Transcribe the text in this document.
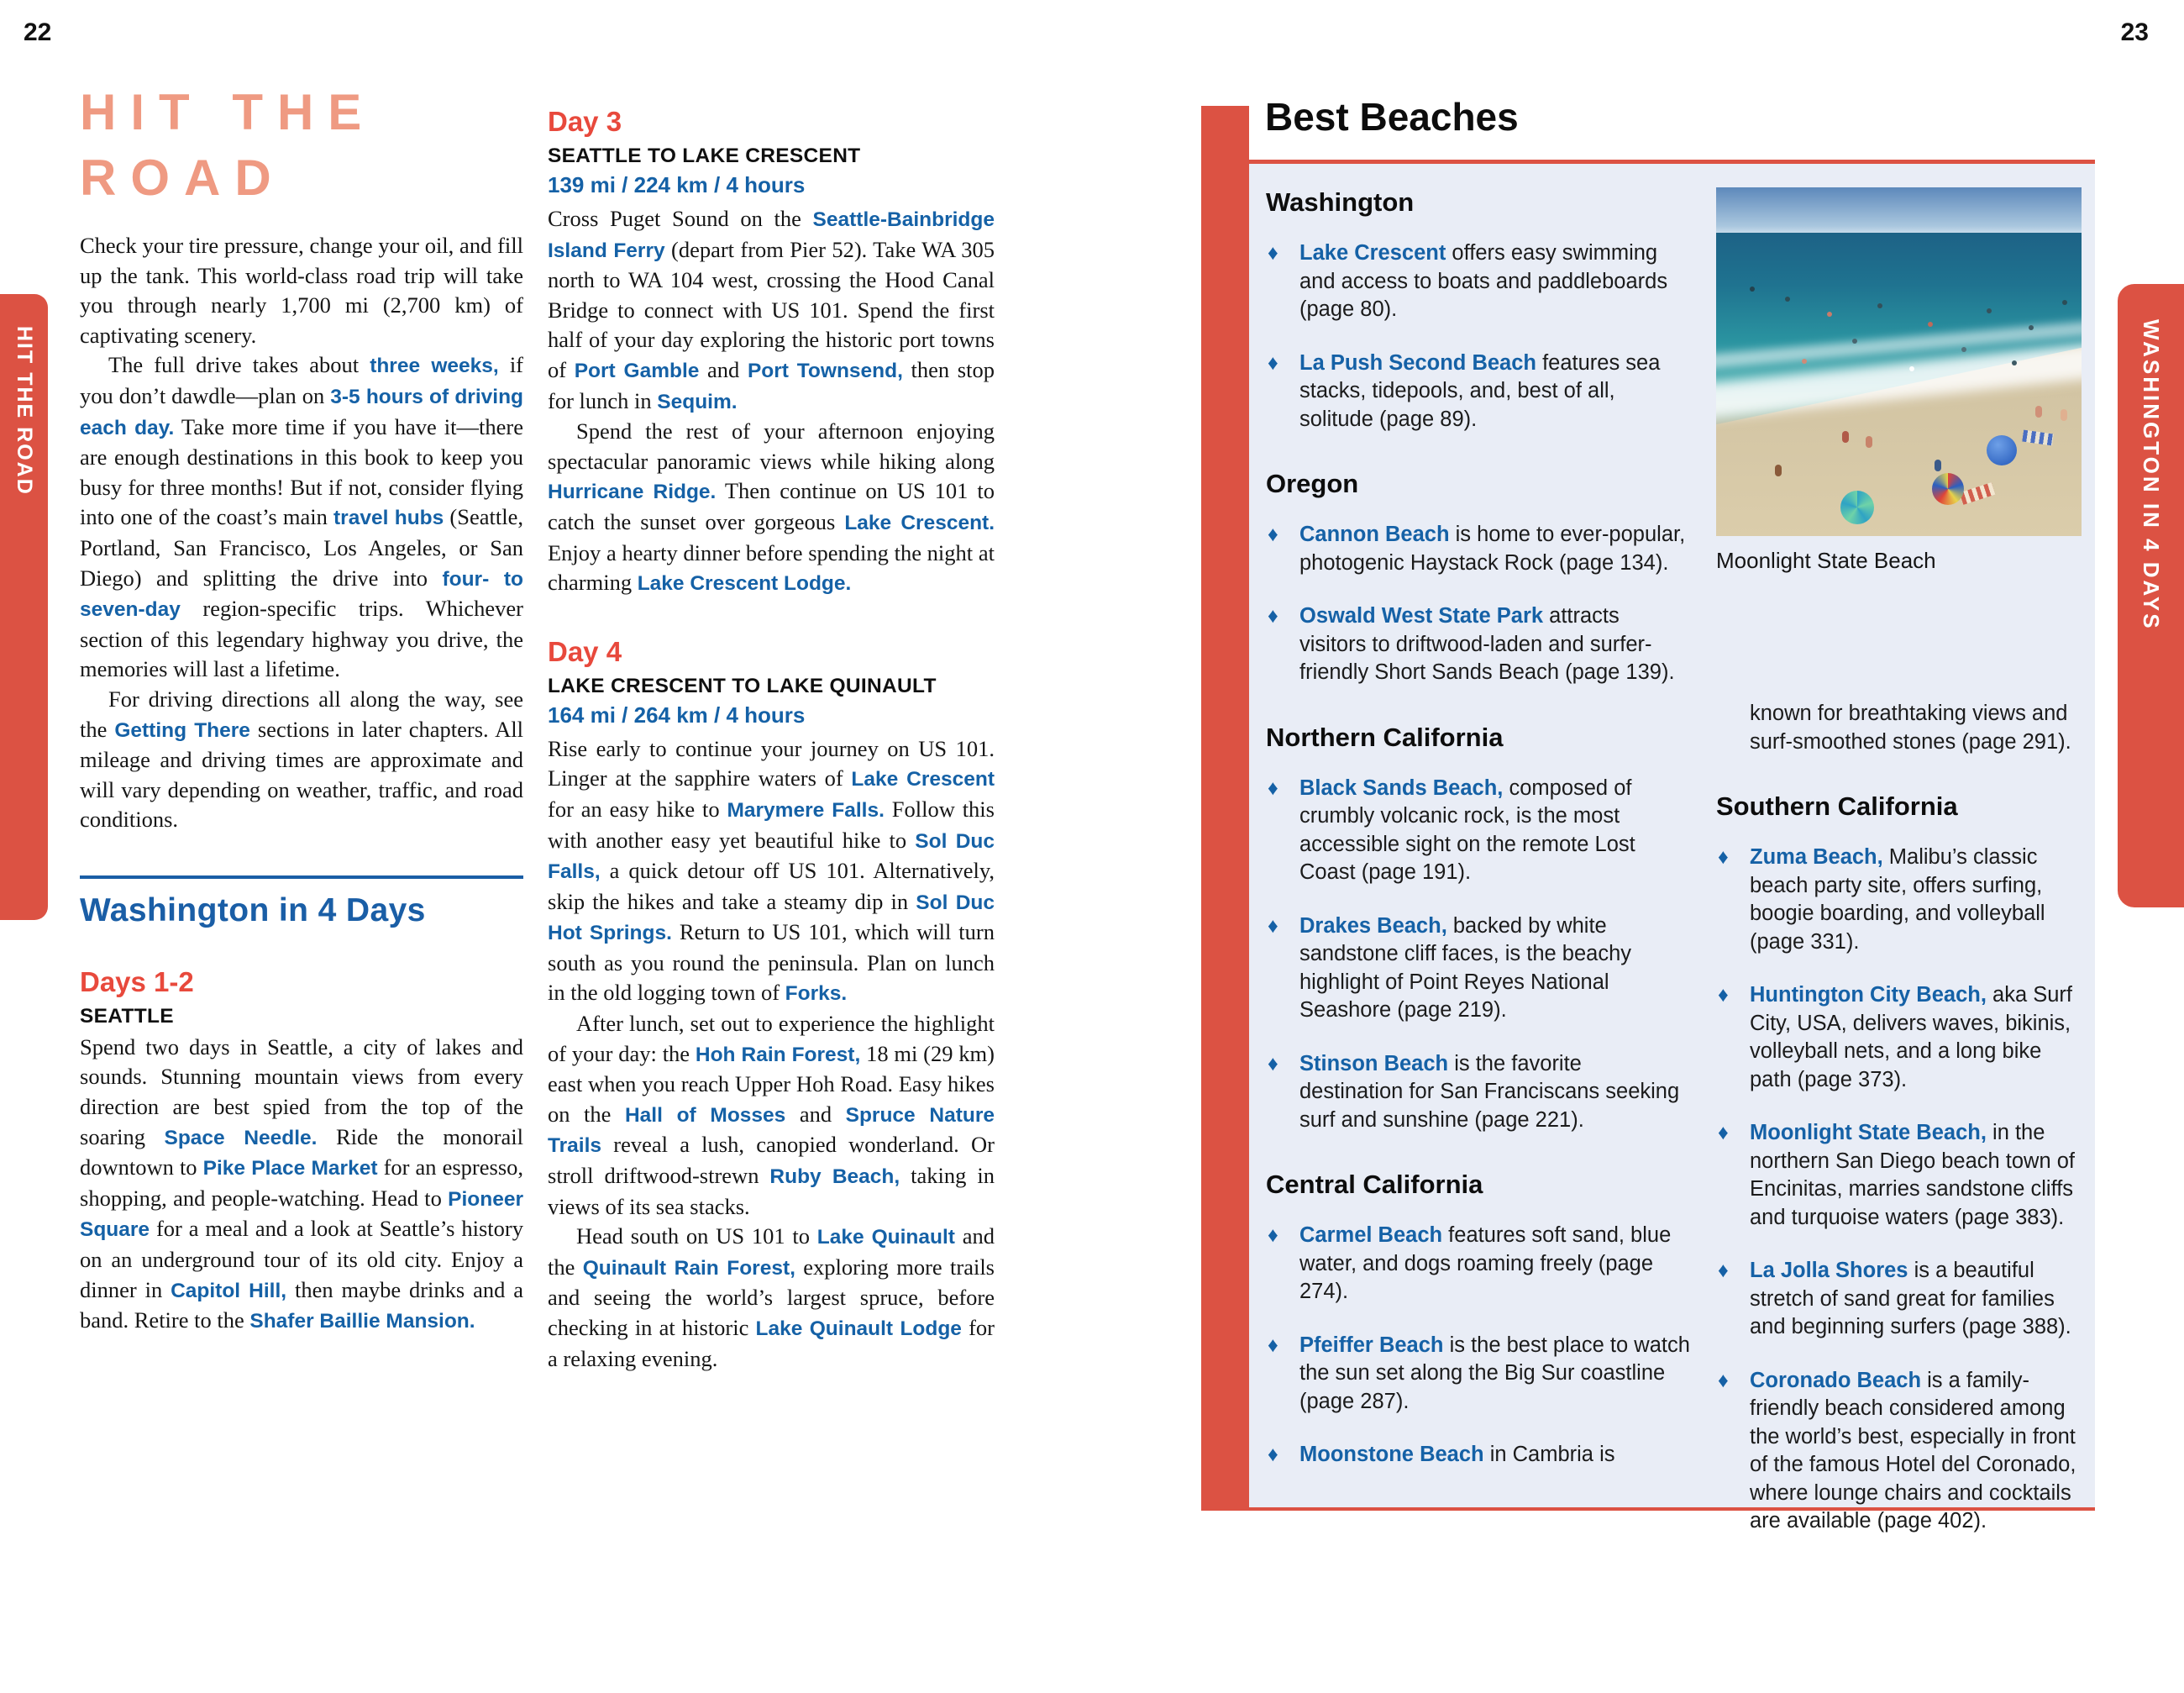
22	23
HIT THE ROAD	WASHINGTON IN 4 DAYS
HIT THE ROAD

Check your tire pressure, change your oil, and fill up the tank. This world-class road trip will take you through nearly 1,700 mi (2,700 km) of captivating scenery.

The full drive takes about three weeks, if you don’t dawdle—plan on 3-5 hours of driving each day. Take more time if you have it—there are enough destinations in this book to keep you busy for three months! But if not, consider flying into one of the coast’s main travel hubs (Seattle, Portland, San Francisco, Los Angeles, or San Diego) and splitting the drive into four- to seven-day region-specific trips. Whichever section of this legendary highway you drive, the memories will last a lifetime.

For driving directions all along the way, see the Getting There sections in later chapters. All mileage and driving times are approximate and will vary depending on weather, traffic, and road conditions.

Washington in 4 Days
Days 1-2
SEATTLE

Spend two days in Seattle, a city of lakes and sounds. Stunning mountain views from every direction are best spied from the top of the soaring Space Needle. Ride the monorail downtown to Pike Place Market for an espresso, shopping, and people-watching. Head to Pioneer Square for a meal and a look at Seattle’s history on an underground tour of its old city. Enjoy a dinner in Capitol Hill, then maybe drinks and a band. Retire to the Shafer Baillie Mansion.

Day 3
SEATTLE TO LAKE CRESCENT
139 mi / 224 km / 4 hours

Cross Puget Sound on the Seattle-Bainbridge Island Ferry (depart from Pier 52). Take WA 305 north to WA 104 west, crossing the Hood Canal Bridge to connect with US 101. Spend the first half of your day exploring the historic port towns of Port Gamble and Port Townsend, then stop for lunch in Sequim.

Spend the rest of your afternoon enjoying spectacular panoramic views while hiking along Hurricane Ridge. Then continue on US 101 to catch the sunset over gorgeous Lake Crescent. Enjoy a hearty dinner before spending the night at charming Lake Crescent Lodge.

Day 4
LAKE CRESCENT TO LAKE QUINAULT
164 mi / 264 km / 4 hours

Rise early to continue your journey on US 101. Linger at the sapphire waters of Lake Crescent for an easy hike to Marymere Falls. Follow this with another easy yet beautiful hike to Sol Duc Falls, a quick detour off US 101. Alternatively, skip the hikes and take a steamy dip in Sol Duc Hot Springs. Return to US 101, which will turn south as you round the peninsula. Plan on lunch in the old logging town of Forks.

After lunch, set out to experience the highlight of your day: the Hoh Rain Forest, 18 mi (29 km) east when you reach Upper Hoh Road. Easy hikes on the Hall of Mosses and Spruce Nature Trails reveal a lush, canopied wonderland. Or stroll driftwood-strewn Ruby Beach, taking in views of its sea stacks.

Head south on US 101 to Lake Quinault and the Quinault Rain Forest, exploring more trails and seeing the world’s largest spruce, before checking in at historic Lake Quinault Lodge for a relaxing evening.

Best Beaches
Washington
♦ Lake Crescent offers easy swimming and access to boats and paddleboards (page 80).
♦ La Push Second Beach features sea stacks, tidepools, and, best of all, solitude (page 89).
Oregon
♦ Cannon Beach is home to ever-popular, photogenic Haystack Rock (page 134).
♦ Oswald West State Park attracts visitors to driftwood-laden and surfer-friendly Short Sands Beach (page 139).
Northern California
♦ Black Sands Beach, composed of crumbly volcanic rock, is the most accessible sight on the remote Lost Coast (page 191).
♦ Drakes Beach, backed by white sandstone cliff faces, is the beachy highlight of Point Reyes National Seashore (page 219).
♦ Stinson Beach is the favorite destination for San Franciscans seeking surf and sunshine (page 221).
Central California
♦ Carmel Beach features soft sand, blue water, and dogs roaming freely (page 274).
♦ Pfeiffer Beach is the best place to watch the sun set along the Big Sur coastline (page 287).
♦ Moonstone Beach in Cambria is
Moonlight State Beach
known for breathtaking views and surf-smoothed stones (page 291).
Southern California
♦ Zuma Beach, Malibu’s classic beach party site, offers surfing, boogie boarding, and volleyball (page 331).
♦ Huntington City Beach, aka Surf City, USA, delivers waves, bikinis, volleyball nets, and a long bike path (page 373).
♦ Moonlight State Beach, in the northern San Diego beach town of Encinitas, marries sandstone cliffs and turquoise waters (page 383).
♦ La Jolla Shores is a beautiful stretch of sand great for families and beginning surfers (page 388).
♦ Coronado Beach is a family-friendly beach considered among the world’s best, especially in front of the famous Hotel del Coronado, where lounge chairs and cocktails are available (page 402).
